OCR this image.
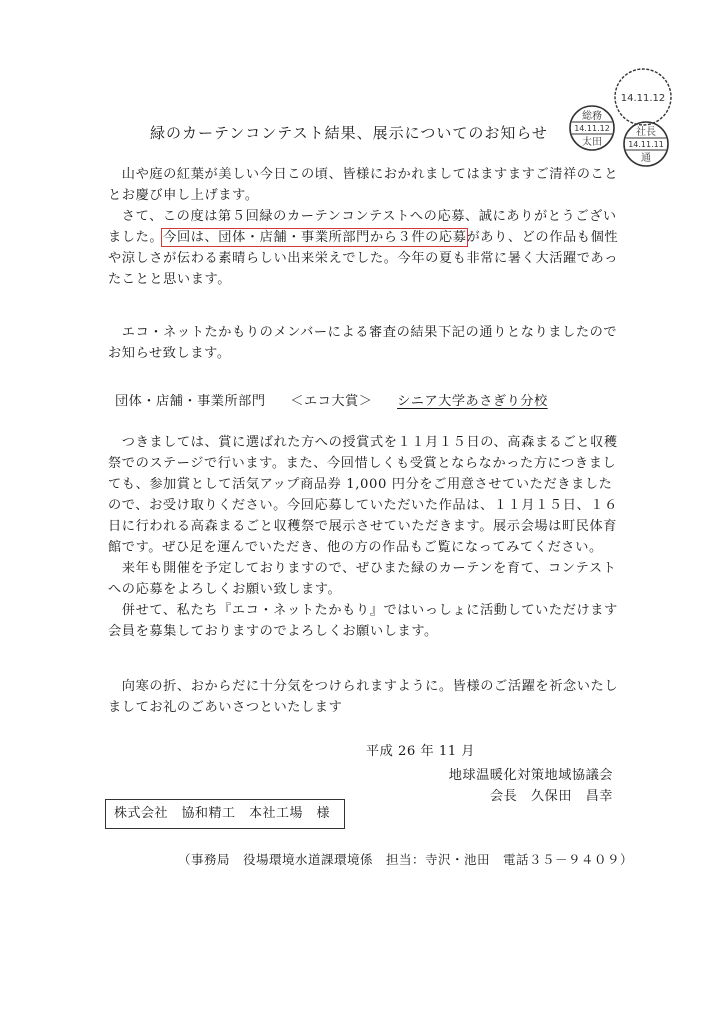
14.11.12
総務
14.11.12
太田
社長
14.11.11
通
緑のカーテンコンテスト結果、展示についてのお知らせ

　山や庭の紅葉が美しい今日この頃、皆様におかれましてはますますご清祥のこととお慶び申し上げます。

　さて、この度は第５回緑のカーテンコンテストへの応募、誠にありがとうございました。今回は、団体・店舗・事業所部門から３件の応募があり、どの作品も個性や涼しさが伝わる素晴らしい出来栄えでした。今年の夏も非常に暑く大活躍であったことと思います。

　エコ・ネットたかもりのメンバーによる審査の結果下記の通りとなりましたのでお知らせ致します。

団体・店舗・事業所部門 ＜エコ大賞＞ シニア大学あさぎり分校

　つきましては、賞に選ばれた方への授賞式を１１月１５日の、高森まるごと収穫祭でのステージで行います。また、今回惜しくも受賞とならなかった方につきましても、参加賞として活気アップ商品券 1,000 円分をご用意させていただきましたので、お受け取りください。今回応募していただいた作品は、１１月１５日、１６日に行われる高森まるごと収穫祭で展示させていただきます。展示会場は町民体育館です。ぜひ足を運んでいただき、他の方の作品もご覧になってみてください。

　来年も開催を予定しておりますので、ぜひまた緑のカーテンを育て、コンテストへの応募をよろしくお願い致します。

　併せて、私たち『エコ・ネットたかもり』ではいっしょに活動していただけます会員を募集しておりますのでよろしくお願いします。

　向寒の折、おからだに十分気をつけられますように。皆様のご活躍を祈念いたしましてお礼のごあいさつといたします

平成 26 年 11 月
地球温暖化対策地域協議会
会長　久保田　昌幸
株式会社　協和精工　本社工場　様
（事務局　役場環境水道課環境係　担当：寺沢・池田　電話３５－９４０９）
